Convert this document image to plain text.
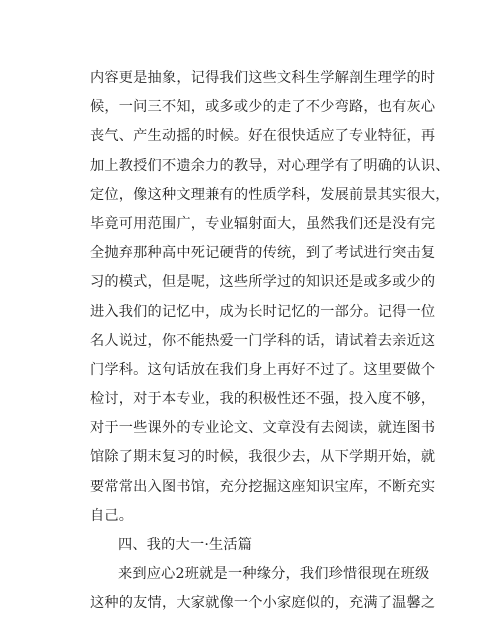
内容更是抽象，记得我们这些文科生学解剖生理学的时
候，一问三不知，或多或少的走了不少弯路，也有灰心
丧气、产生动摇的时候。好在很快适应了专业特征，再
加上教授们不遗余力的教导，对心理学有了明确的认识、
定位，像这种文理兼有的性质学科，发展前景其实很大，
毕竟可用范围广，专业辐射面大，虽然我们还是没有完
全抛弃那种高中死记硬背的传统，到了考试进行突击复
习的模式，但是呢，这些所学过的知识还是或多或少的
进入我们的记忆中，成为长时记忆的一部分。记得一位
名人说过，你不能热爱一门学科的话，请试着去亲近这
门学科。这句话放在我们身上再好不过了。这里要做个
检讨，对于本专业，我的积极性还不强，投入度不够，
对于一些课外的专业论文、文章没有去阅读，就连图书
馆除了期末复习的时候，我很少去，从下学期开始，就
要常常出入图书馆，充分挖掘这座知识宝库，不断充实
自己。
四、我的大一·生活篇
来到应心2班就是一种缘分，我们珍惜很现在班级
这种的友情，大家就像一个小家庭似的，充满了温馨之
